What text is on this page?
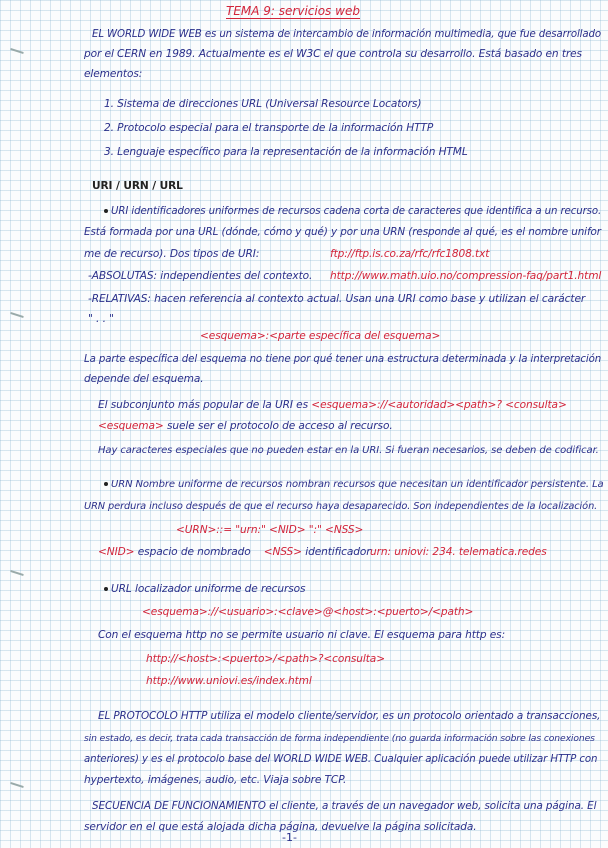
TEMA 9: servicios web
EL WORLD WIDE WEB es un sistema de intercambio de información multimedia, que fue desarrollado
por el CERN en 1989. Actualmente es el W3C el que controla su desarrollo. Está basado en tres
elementos:
1. Sistema de direcciones URL (Universal Resource Locators)
2. Protocolo especial para el transporte de la información HTTP
3. Lenguaje específico para la representación de la información HTML
URI / URN / URL
URI identificadores uniformes de recursos cadena corta de caracteres que identifica a un recurso.
Está formada por una URL (dónde, cómo y qué) y por una URN (responde al qué, es el nombre unifor
me de recurso). Dos tipos de URI:	ftp://ftp.is.co.za/rfc/rfc1808.txt
-ABSOLUTAS: independientes del contexto. http://www.math.uio.no/compression-faq/part1.html
-RELATIVAS: hacen referencia al contexto actual. Usan una URI como base y utilizan el carácter
" . . "
<esquema>:<parte específica del esquema>
La parte específica del esquema no tiene por qué tener una estructura determinada y la interpretación
depende del esquema.
El subconjunto más popular de la URI es <esquema>://<autoridad><path>? <consulta>
<esquema> suele ser el protocolo de acceso al recurso.
Hay caracteres especiales que no pueden estar en la URI. Si fueran necesarios, se deben de codificar.
URN Nombre uniforme de recursos nombran recursos que necesitan un identificador persistente. La
URN perdura incluso después de que el recurso haya desaparecido. Son independientes de la localización.
<URN>::= "urn:" <NID> ":" <NSS>
<NID> espacio de nombrado <NSS> identificador urn: uniovi: 234. telematica.redes
URL localizador uniforme de recursos
<esquema>://<usuario>:<clave>@<host>:<puerto>/<path>
Con el esquema http no se permite usuario ni clave. El esquema para http es:
http://<host>:<puerto>/<path>?<consulta>
http://www.uniovi.es/index.html
EL PROTOCOLO HTTP utiliza el modelo cliente/servidor, es un protocolo orientado a transacciones,
sin estado, es decir, trata cada transacción de forma independiente (no guarda información sobre las conexiones
anteriores) y es el protocolo base del WORLD WIDE WEB. Cualquier aplicación puede utilizar HTTP con
hypertexto, imágenes, audio, etc. Viaja sobre TCP.
SECUENCIA DE FUNCIONAMIENTO el cliente, a través de un navegador web, solicita una página. El
servidor en el que está alojada dicha página, devuelve la página solicitada.
-1-
